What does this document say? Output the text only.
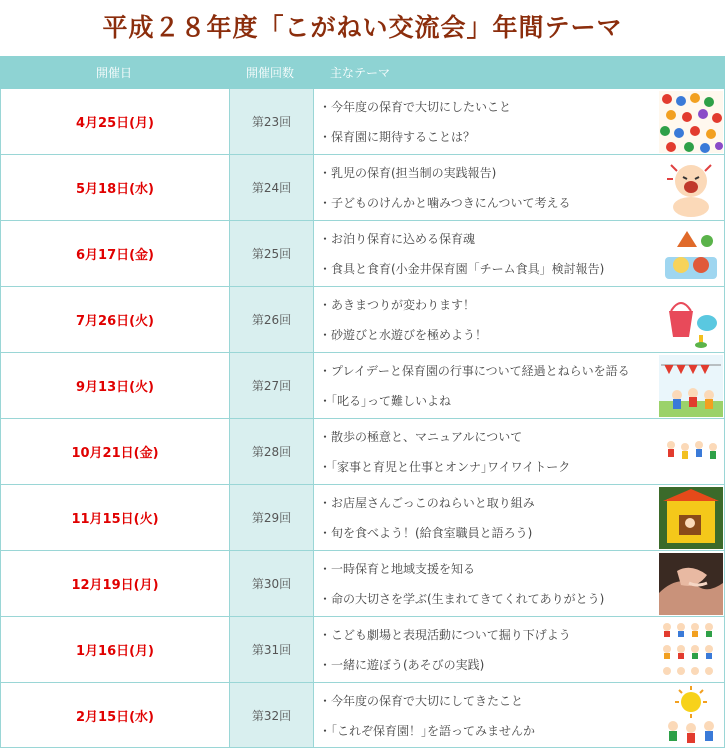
平成２８年度「こがねい交流会」年間テーマ
開催日	開催回数	主なテーマ
4月25日(月)	第23回
・今年度の保育で大切にしたいこと
・保育園に期待することは？
5月18日(水)	第24回
・乳児の保育(担当制の実践報告)
・子どものけんかと噛みつきにんついて考える
6月17日(金)	第25回
・お泊り保育に込める保育魂
・食具と食育(小金井保育園「チーム食具」検討報告)
7月26日(火)	第26回
・あきまつりが変わります！
・砂遊びと水遊びを極めよう！
9月13日(火)	第27回
・プレイデーと保育園の行事について経過とねらいを語る
・｢叱る｣って難しいよね
10月21日(金)	第28回
・散歩の極意と、マニュアルについて
・｢家事と育児と仕事とオンナ｣ワイワイトーク
11月15日(火)	第29回
・お店屋さんごっこのねらいと取り組み
・旬を食べよう！(給食室職員と語ろう)
12月19日(月)	第30回
・一時保育と地域支援を知る
・命の大切さを学ぶ(生まれてきてくれてありがとう)
1月16日(月)	第31回
・こども劇場と表現活動について掘り下げよう
・一緒に遊ぼう(あそびの実践)
2月15日(水)	第32回
・今年度の保育で大切にしてきたこと
・｢これぞ保育園！｣を語ってみませんか
